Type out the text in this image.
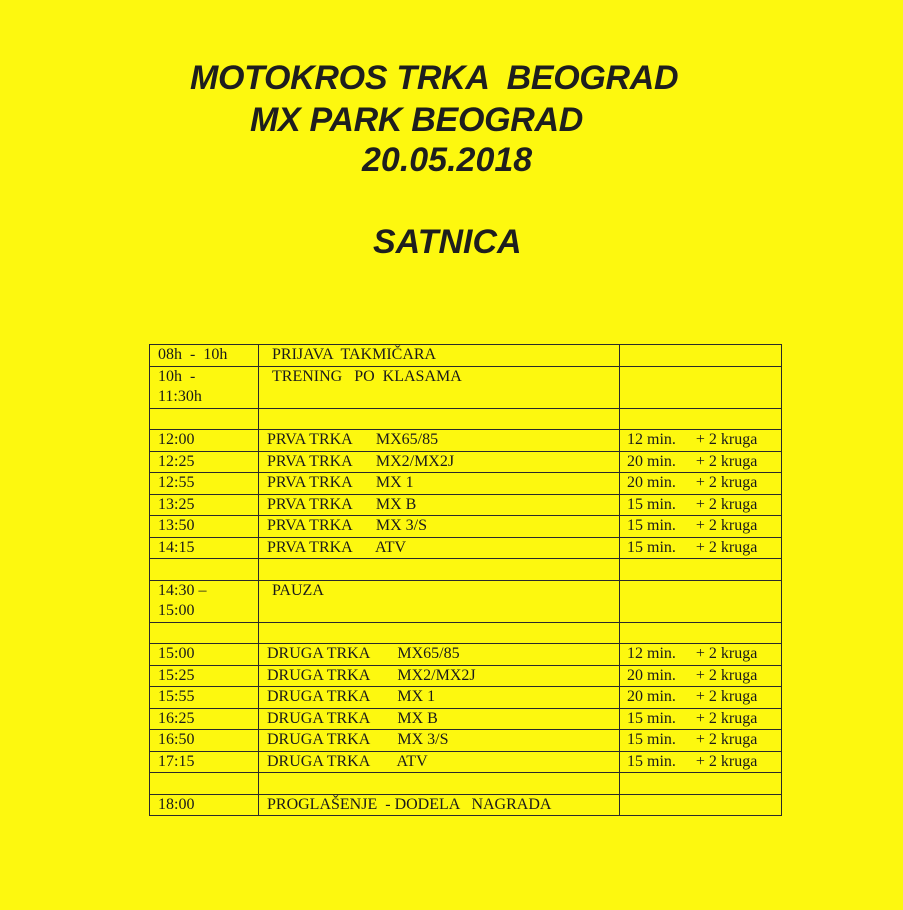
MOTOKROS TRKA  BEOGRAD
MX PARK BEOGRAD
20.05.2018
SATNICA
08h  -  10h	PRIJAVA  TAKMIČARA	
10h  -
11:30h	TRENING   PO  KLASAMA	

12:00	PRVA TRKA      MX65/85	12 min.     + 2 kruga
12:25	PRVA TRKA      MX2/MX2J	20 min.     + 2 kruga
12:55	PRVA TRKA      MX 1	20 min.     + 2 kruga
13:25	PRVA TRKA      MX B	15 min.     + 2 kruga
13:50	PRVA TRKA      MX 3/S	15 min.     + 2 kruga
14:15	PRVA TRKA      ATV	15 min.     + 2 kruga

14:30 –
15:00	PAUZA	

15:00	DRUGA TRKA       MX65/85	12 min.     + 2 kruga
15:25	DRUGA TRKA       MX2/MX2J	20 min.     + 2 kruga
15:55	DRUGA TRKA       MX 1	20 min.     + 2 kruga
16:25	DRUGA TRKA       MX B	15 min.     + 2 kruga
16:50	DRUGA TRKA       MX 3/S	15 min.     + 2 kruga
17:15	DRUGA TRKA       ATV	15 min.     + 2 kruga

18:00	PROGLAŠENJE  - DODELA   NAGRADA	
